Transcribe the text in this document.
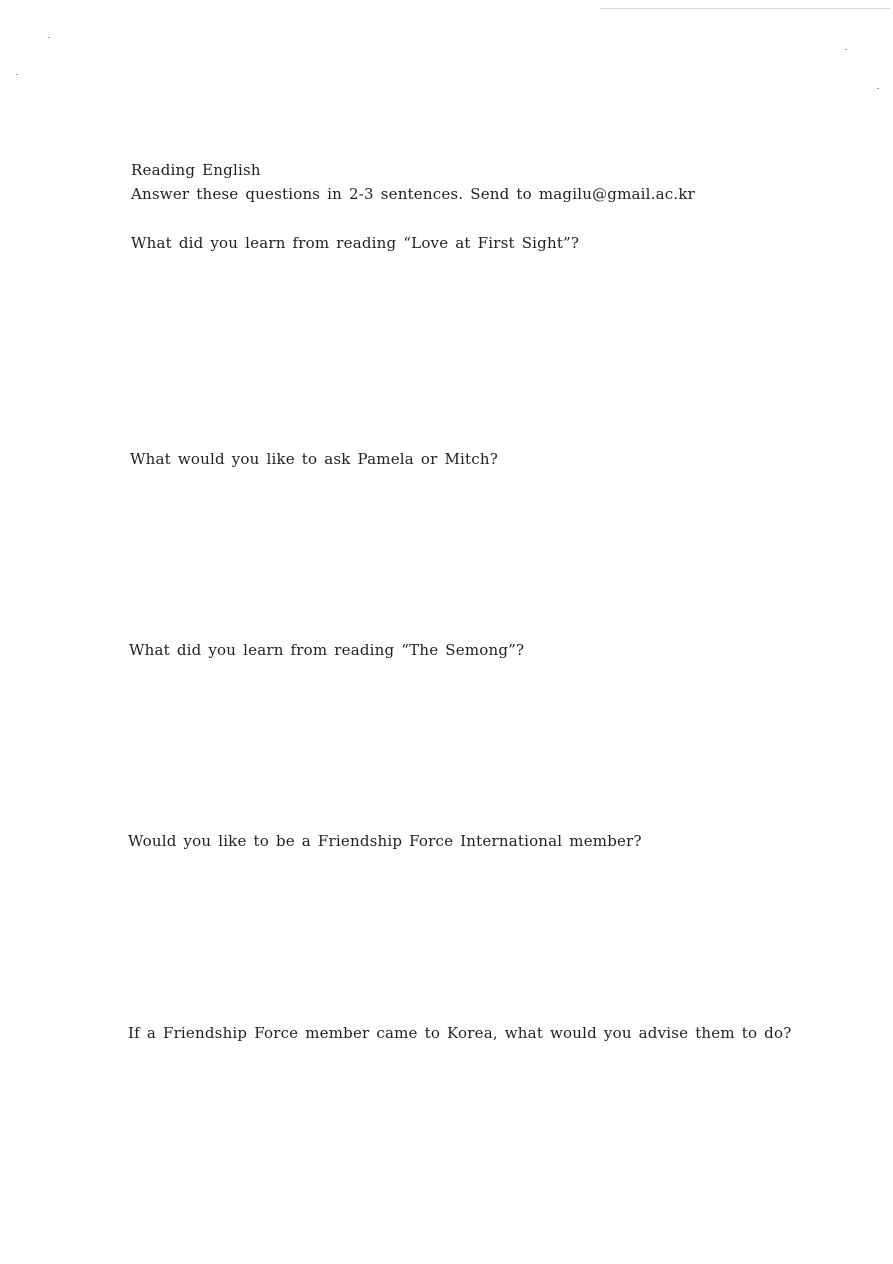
Reading English
Answer these questions in 2-3 sentences. Send to magilu@gmail.ac.kr
What did you learn from reading “Love at First Sight”?
What would you like to ask Pamela or Mitch?
What did you learn from reading “The Semong”?
Would you like to be a Friendship Force International member?
If a Friendship Force member came to Korea, what would you advise them to do?
